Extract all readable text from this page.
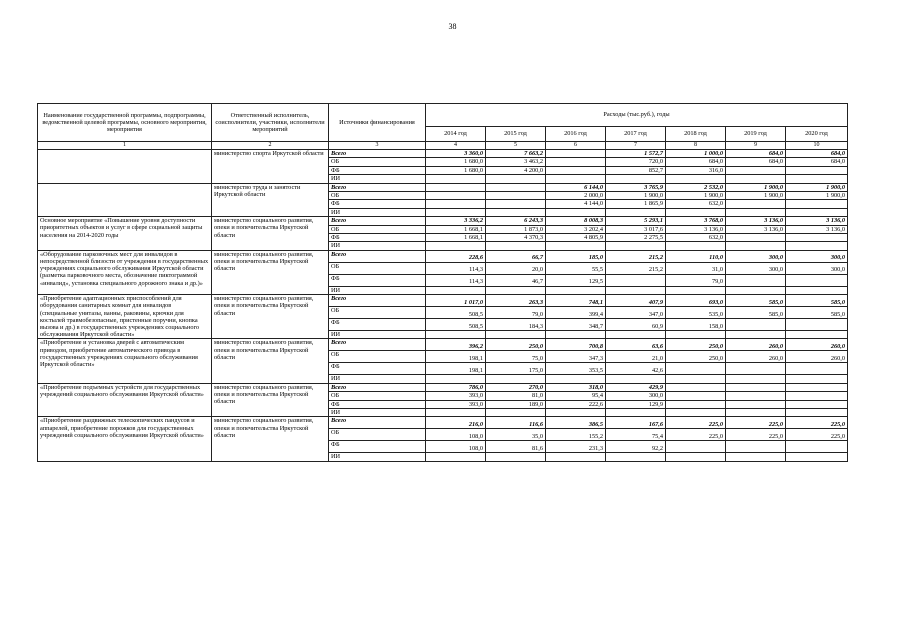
38
Наименование государственной программы, подпрограммы, ведомственной целевой программы, основного мероприятия, мероприятия	Ответственный исполнитель, соисполнители, участники, исполнители мероприятий	Источники финансирования	Расходы (тыс.руб.), годы						
			2014 год	2015 год	2016 год	2017 год	2018 год	2019 год	2020 год
1	2	3	4	5	6	7	8	9	10
	министерство спорта Иркутской области	Всего	3 360,0	7 663,2		1 572,7	1 000,0	684,0	684,0
		ОБ	1 680,0	3 463,2		720,0	684,0	684,0	684,0
		ФБ	1 680,0	4 200,0		852,7	316,0		
		ИИ							
	министерство труда и занятости Иркутской области	Всего			6 144,0	3 765,9	2 532,0	1 900,0	1 900,0
		ОБ			2 000,0	1 900,0	1 900,0	1 900,0	1 900,0
		ФБ			4 144,0	1 865,9	632,0		
		ИИ							
Основное мероприятие «Повышение уровня доступности приоритетных объектов и услуг в сфере социальной защиты населения на 2014-2020 годы	министерство социального развития, опеки и попечительства Иркутской области	Всего	3 336,2	6 243,3	8 008,3	5 293,1	3 768,0	3 136,0	3 136,0
		ОБ	1 668,1	1 873,0	3 202,4	3 017,6	3 136,0	3 136,0	3 136,0
		ФБ	1 668,1	4 370,3	4 805,9	2 275,5	632,0		
		ИИ							
«Оборудование парковочных мест для инвалидов в непосредственной близости от учреждения в государственных учреждениях социального обслуживания Иркутской области (разметка парковочного места, обозначение пиктограммой «инвалид», установка специального дорожного знака и др.)»	министерство социального развития, опеки и попечительства Иркутской области	Всего	228,6	66,7	185,0	215,2	110,0	300,0	300,0
		ОБ	114,3	20,0	55,5	215,2	31,0	300,0	300,0
		ФБ	114,3	46,7	129,5		79,0		
		ИИ							
«Приобретение адаптационных приспособлений для оборудования санитарных комнат для инвалидов (специальные унитазы, ванны, раковины, крючки для костылей травмобезопасные, пристенные поручни, кнопка вызова и др.) в государственных учреждениях социального обслуживания Иркутской области»	министерство социального развития, опеки и попечительства Иркутской области	Всего	1 017,0	263,3	748,1	407,9	693,0	585,0	585,0
		ОБ	508,5	79,0	399,4	347,0	535,0	585,0	585,0
		ФБ	508,5	184,3	348,7	60,9	158,0		
		ИИ							
«Приобретение и установка дверей с автоматическим приводом, приобретение автоматического привода в государственных учреждениях социального обслуживания Иркутской области»	министерство социального развития, опеки и попечительства Иркутской области	Всего	396,2	250,0	700,8	63,6	250,0	260,0	260,0
		ОБ	198,1	75,0	347,3	21,0	250,0	260,0	260,0
		ФБ	198,1	175,0	353,5	42,6			
		ИИ							
«Приобретение подъемных устройств для государственных учреждений социального обслуживания Иркутской области»	министерство социального развития, опеки и попечительства Иркутской области	Всего	786,0	270,0	318,0	429,9			
		ОБ	393,0	81,0	95,4	300,0			
		ФБ	393,0	189,0	222,6	129,9			
		ИИ							
«Приобретение раздвижных телескопических пандусов и аппарелей, приобретение порожков для государственных учреждений социального обслуживания Иркутской области»	министерство социального развития, опеки и попечительства Иркутской области	Всего	216,0	116,6	386,5	167,6	225,0	225,0	225,0
		ОБ	108,0	35,0	155,2	75,4	225,0	225,0	225,0
		ФБ	108,0	81,6	231,3	92,2			
		ИИ							
